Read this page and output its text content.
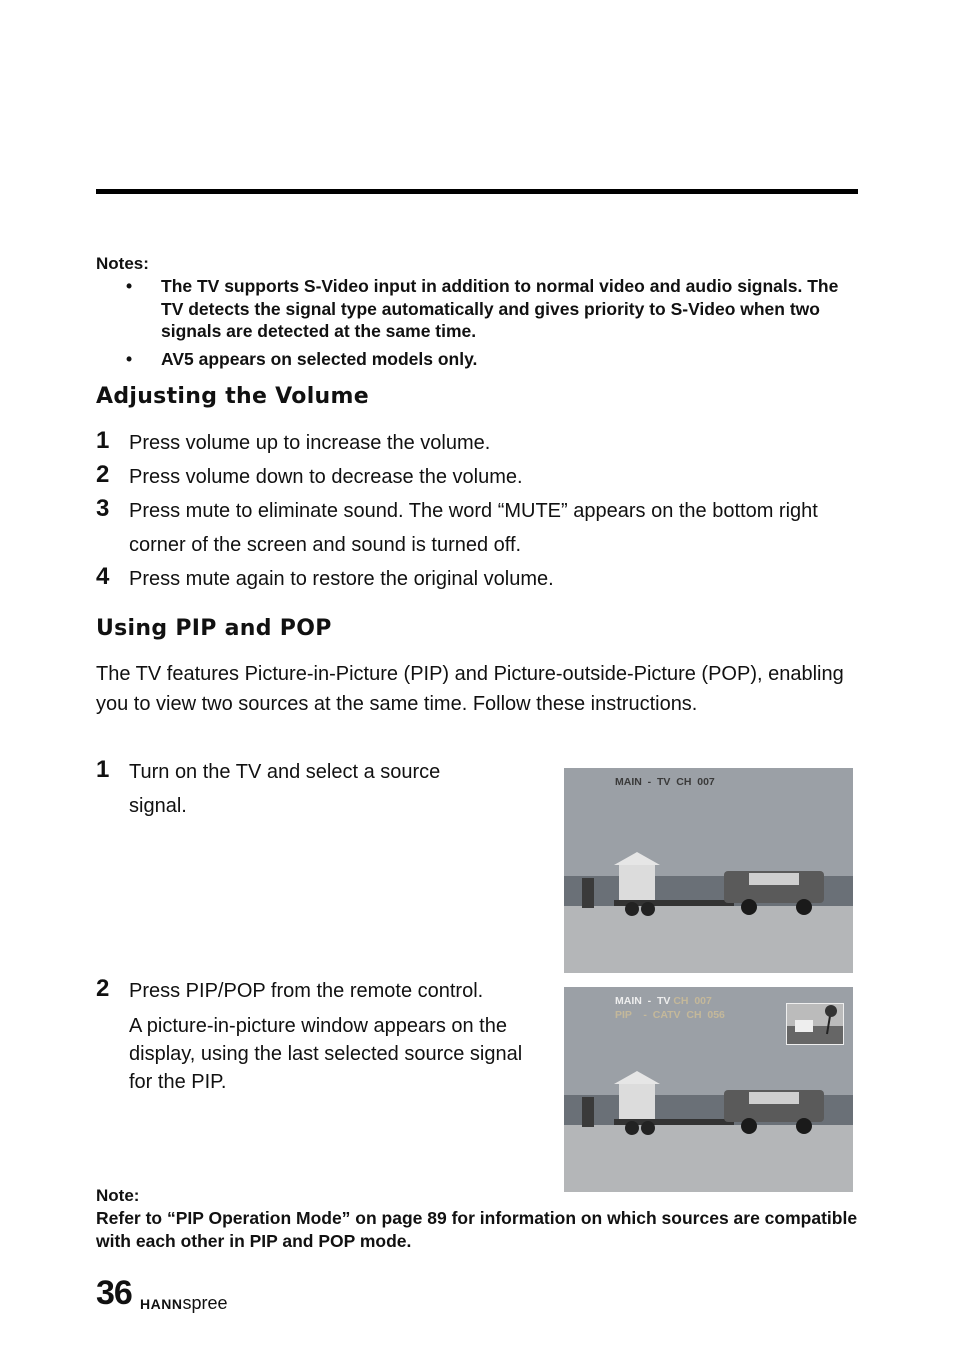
Notes:
• The TV supports S-Video input in addition to normal video and audio signals. The TV detects the signal type automatically and gives priority to S-Video when two signals are detected at the same time.
• AV5 appears on selected models only.
Adjusting the Volume
1 Press volume up to increase the volume.
2 Press volume down to decrease the volume.
3 Press mute to eliminate sound. The word “MUTE” appears on the bottom right corner of the screen and sound is turned off.
4 Press mute again to restore the original volume.
Using PIP and POP

The TV features Picture-in-Picture (PIP) and Picture-outside-Picture (POP), enabling you to view two sources at the same time. Follow these instructions.

1 Turn on the TV and select a source signal.
2 Press PIP/POP from the remote control.
A picture-in-picture window appears on the display, using the last selected source signal for the PIP.
MAIN  -  TV  CH  007
MAIN  -  TV CH  007
PIP    -  CATV  CH  056
Note:

Refer to “PIP Operation Mode” on page 89 for information on which sources are compatible with each other in PIP and POP mode.

36 HANNspree
